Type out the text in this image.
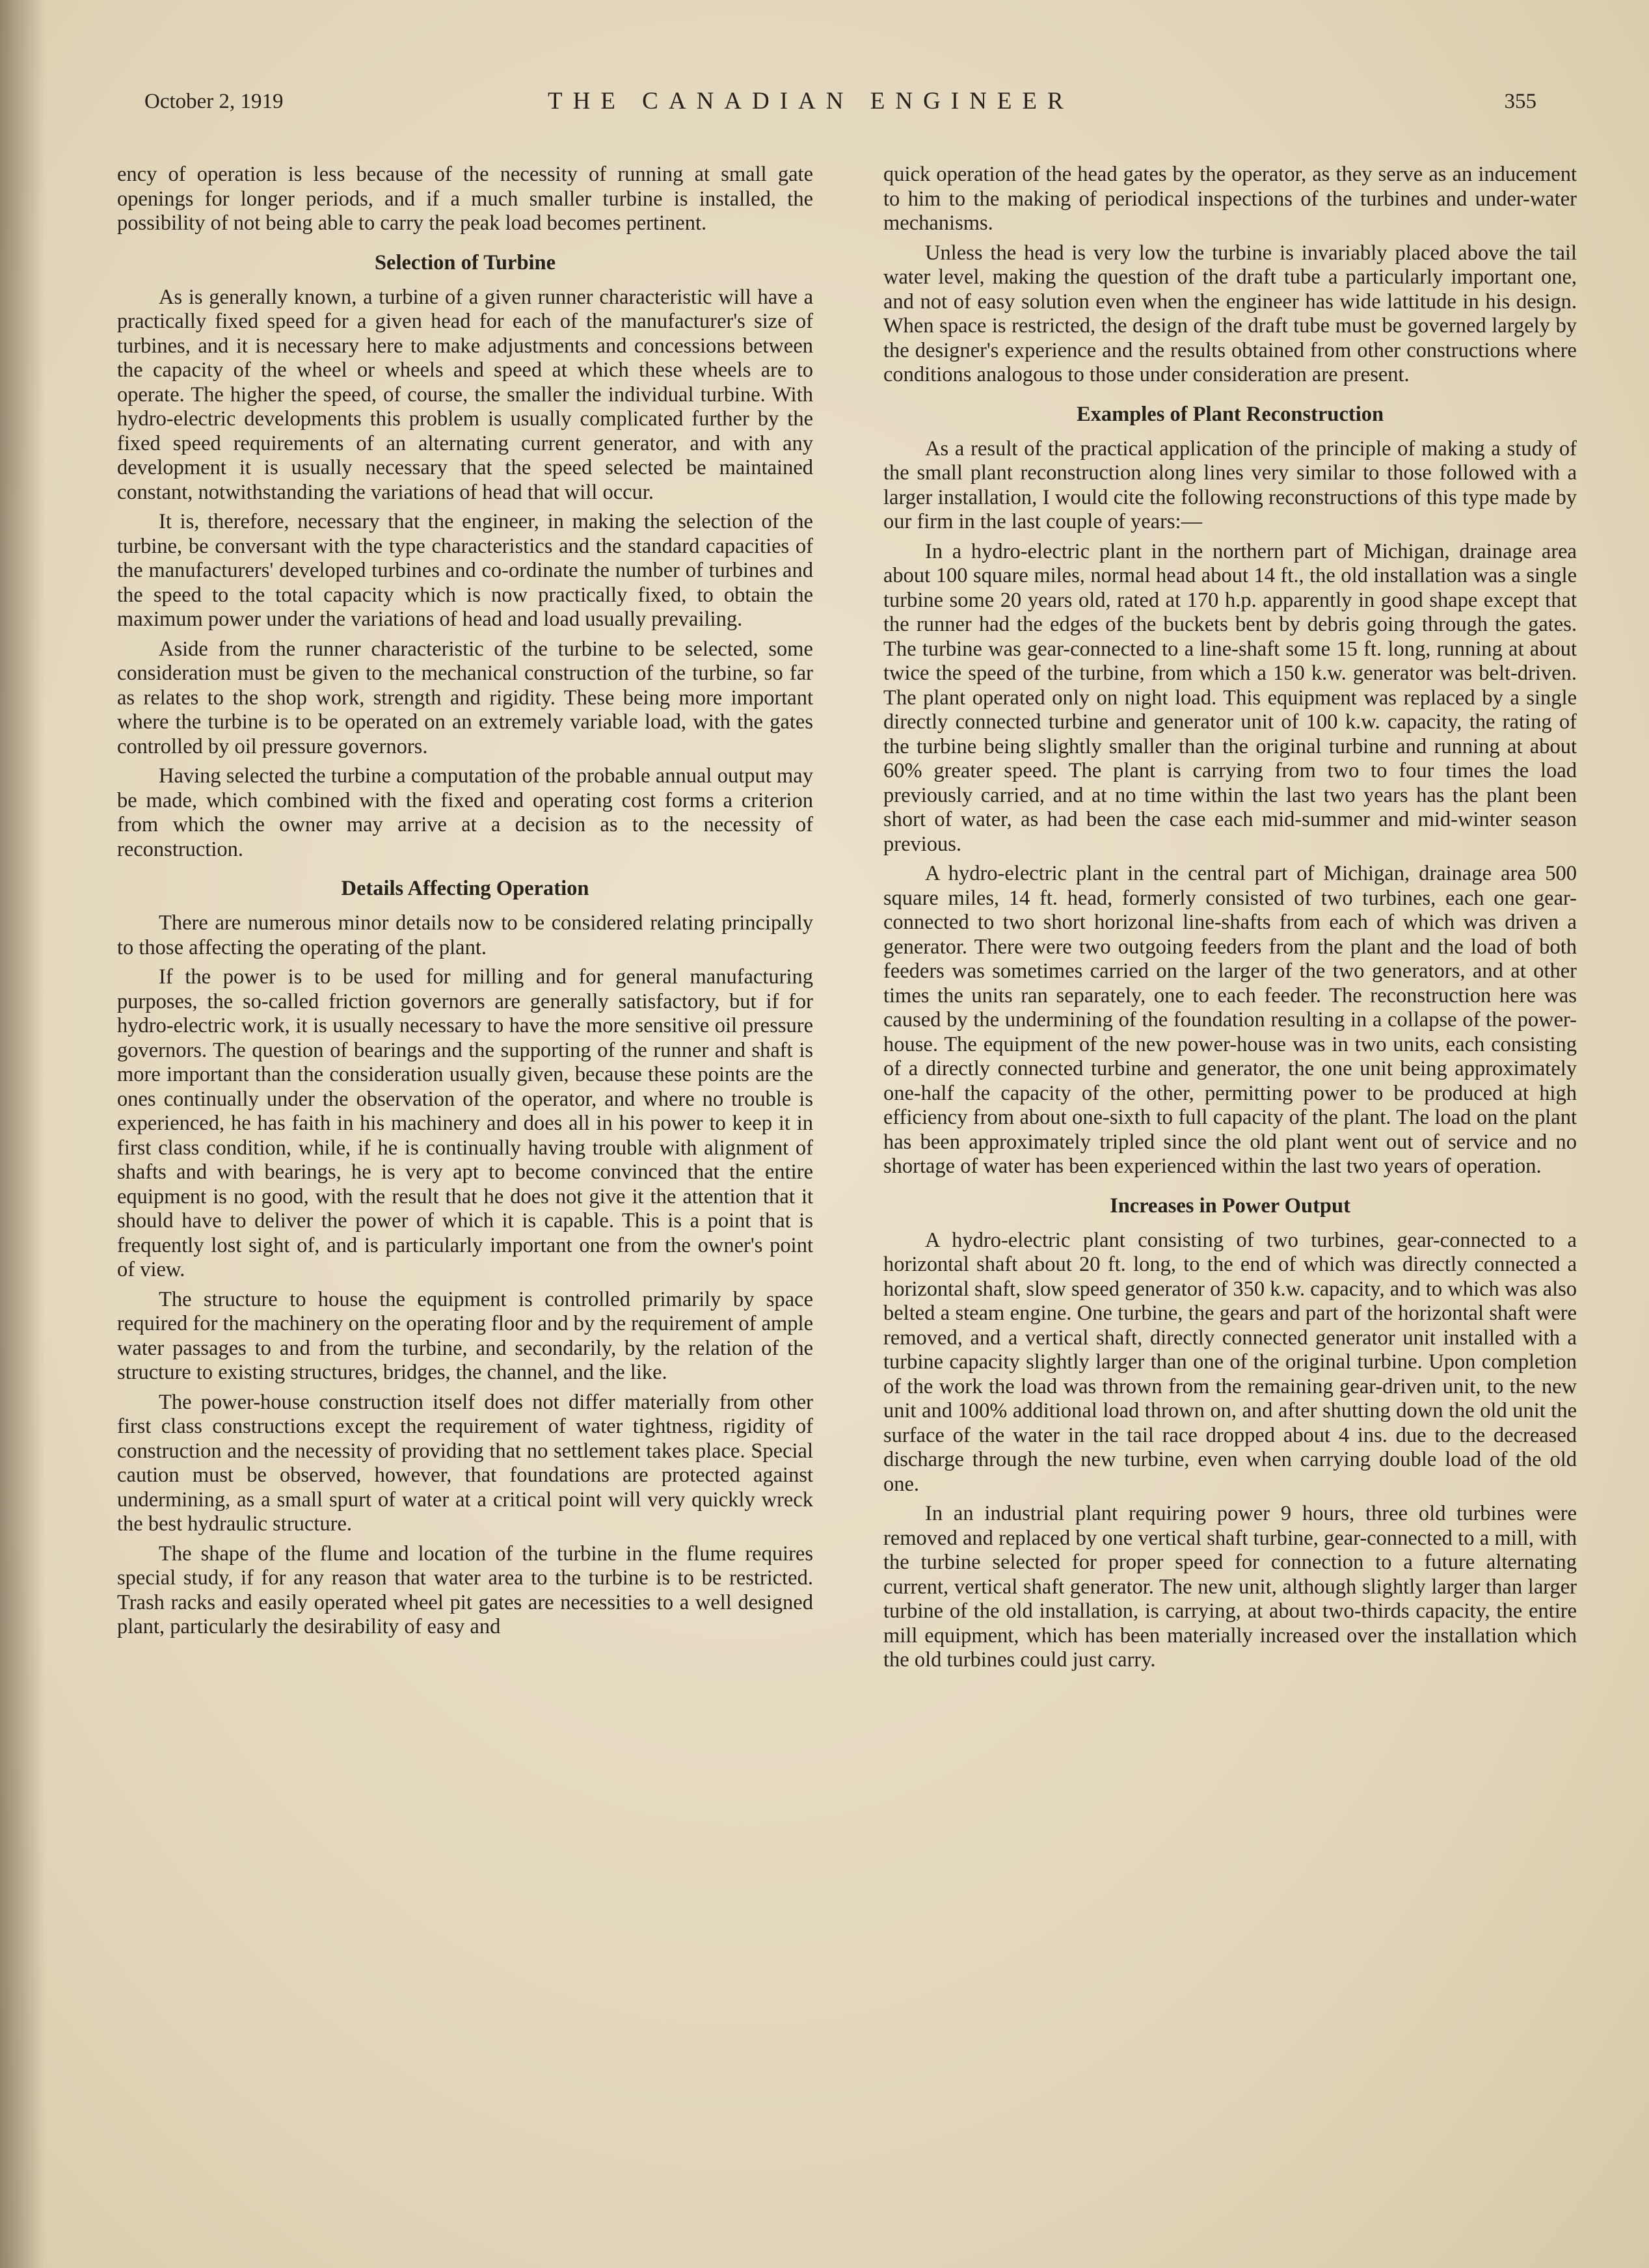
October 2, 1919	THE CANADIAN ENGINEER	355

ency of operation is less because of the necessity of running at small gate openings for longer periods, and if a much smaller turbine is installed, the possibility of not being able to carry the peak load becomes pertinent.

Selection of Turbine

As is generally known, a turbine of a given runner characteristic will have a practically fixed speed for a given head for each of the manufacturer's size of turbines, and it is necessary here to make adjustments and concessions between the capacity of the wheel or wheels and speed at which these wheels are to operate. The higher the speed, of course, the smaller the individual turbine. With hydro-electric developments this problem is usually complicated further by the fixed speed requirements of an alternating current generator, and with any development it is usually necessary that the speed selected be maintained constant, notwithstanding the variations of head that will occur.

It is, therefore, necessary that the engineer, in making the selection of the turbine, be conversant with the type characteristics and the standard capacities of the manufacturers' developed turbines and co-ordinate the number of turbines and the speed to the total capacity which is now practically fixed, to obtain the maximum power under the variations of head and load usually prevailing.

Aside from the runner characteristic of the turbine to be selected, some consideration must be given to the mechanical construction of the turbine, so far as relates to the shop work, strength and rigidity. These being more important where the turbine is to be operated on an extremely variable load, with the gates controlled by oil pressure governors.

Having selected the turbine a computation of the probable annual output may be made, which combined with the fixed and operating cost forms a criterion from which the owner may arrive at a decision as to the necessity of reconstruction.

Details Affecting Operation

There are numerous minor details now to be considered relating principally to those affecting the operating of the plant.

If the power is to be used for milling and for general manufacturing purposes, the so-called friction governors are generally satisfactory, but if for hydro-electric work, it is usually necessary to have the more sensitive oil pressure governors. The question of bearings and the supporting of the runner and shaft is more important than the consideration usually given, because these points are the ones continually under the observation of the operator, and where no trouble is experienced, he has faith in his machinery and does all in his power to keep it in first class condition, while, if he is continually having trouble with alignment of shafts and with bearings, he is very apt to become convinced that the entire equipment is no good, with the result that he does not give it the attention that it should have to deliver the power of which it is capable. This is a point that is frequently lost sight of, and is particularly important one from the owner's point of view.

The structure to house the equipment is controlled primarily by space required for the machinery on the operating floor and by the requirement of ample water passages to and from the turbine, and secondarily, by the relation of the structure to existing structures, bridges, the channel, and the like.

The power-house construction itself does not differ materially from other first class constructions except the requirement of water tightness, rigidity of construction and the necessity of providing that no settlement takes place. Special caution must be observed, however, that foundations are protected against undermining, as a small spurt of water at a critical point will very quickly wreck the best hydraulic structure.

The shape of the flume and location of the turbine in the flume requires special study, if for any reason that water area to the turbine is to be restricted. Trash racks and easily operated wheel pit gates are necessities to a well designed plant, particularly the desirability of easy and

quick operation of the head gates by the operator, as they serve as an inducement to him to the making of periodical inspections of the turbines and under-water mechanisms.

Unless the head is very low the turbine is invariably placed above the tail water level, making the question of the draft tube a particularly important one, and not of easy solution even when the engineer has wide lattitude in his design. When space is restricted, the design of the draft tube must be governed largely by the designer's experience and the results obtained from other constructions where conditions analogous to those under consideration are present.

Examples of Plant Reconstruction

As a result of the practical application of the principle of making a study of the small plant reconstruction along lines very similar to those followed with a larger installation, I would cite the following reconstructions of this type made by our firm in the last couple of years:—

In a hydro-electric plant in the northern part of Michigan, drainage area about 100 square miles, normal head about 14 ft., the old installation was a single turbine some 20 years old, rated at 170 h.p. apparently in good shape except that the runner had the edges of the buckets bent by debris going through the gates. The turbine was gear-connected to a line-shaft some 15 ft. long, running at about twice the speed of the turbine, from which a 150 k.w. generator was belt-driven. The plant operated only on night load. This equipment was replaced by a single directly connected turbine and generator unit of 100 k.w. capacity, the rating of the turbine being slightly smaller than the original turbine and running at about 60% greater speed. The plant is carrying from two to four times the load previously carried, and at no time within the last two years has the plant been short of water, as had been the case each mid-summer and mid-winter season previous.

A hydro-electric plant in the central part of Michigan, drainage area 500 square miles, 14 ft. head, formerly consisted of two turbines, each one gear-connected to two short horizonal line-shafts from each of which was driven a generator. There were two outgoing feeders from the plant and the load of both feeders was sometimes carried on the larger of the two generators, and at other times the units ran separately, one to each feeder. The reconstruction here was caused by the undermining of the foundation resulting in a collapse of the power-house. The equipment of the new power-house was in two units, each consisting of a directly connected turbine and generator, the one unit being approximately one-half the capacity of the other, permitting power to be produced at high efficiency from about one-sixth to full capacity of the plant. The load on the plant has been approximately tripled since the old plant went out of service and no shortage of water has been experienced within the last two years of operation.

Increases in Power Output

A hydro-electric plant consisting of two turbines, gear-connected to a horizontal shaft about 20 ft. long, to the end of which was directly connected a horizontal shaft, slow speed generator of 350 k.w. capacity, and to which was also belted a steam engine. One turbine, the gears and part of the horizontal shaft were removed, and a vertical shaft, directly connected generator unit installed with a turbine capacity slightly larger than one of the original turbine. Upon completion of the work the load was thrown from the remaining gear-driven unit, to the new unit and 100% additional load thrown on, and after shutting down the old unit the surface of the water in the tail race dropped about 4 ins. due to the decreased discharge through the new turbine, even when carrying double load of the old one.

In an industrial plant requiring power 9 hours, three old turbines were removed and replaced by one vertical shaft turbine, gear-connected to a mill, with the turbine selected for proper speed for connection to a future alternating current, vertical shaft generator. The new unit, although slightly larger than larger turbine of the old installation, is carrying, at about two-thirds capacity, the entire mill equipment, which has been materially increased over the installation which the old turbines could just carry.
